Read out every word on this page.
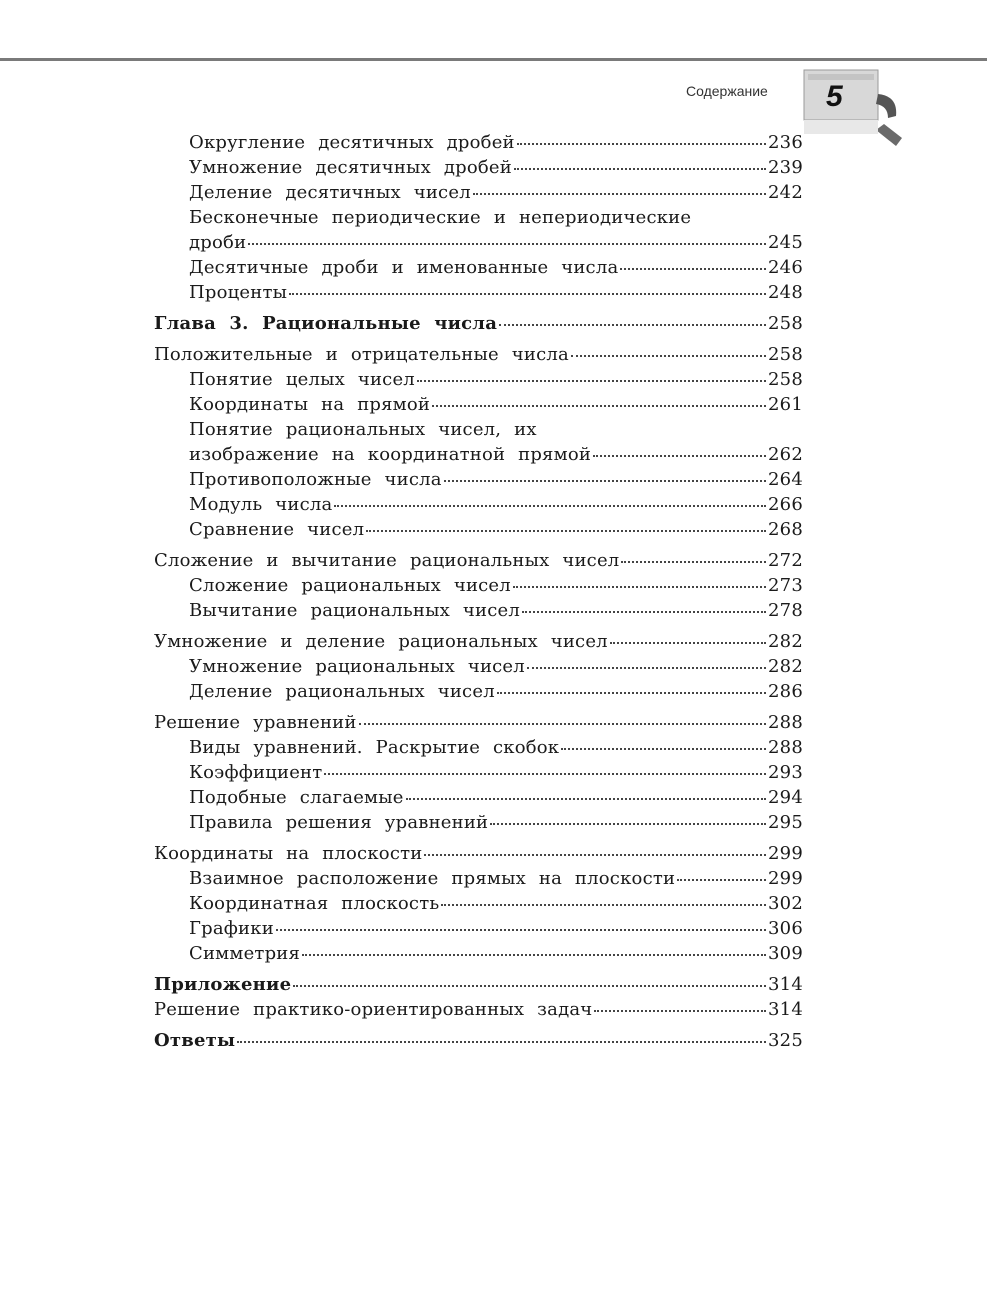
Содержание 5
Округление десятичных дробей	236
Умножение десятичных дробей	239
Деление десятичных чисел	242
Бесконечные периодические и непериодические
дроби	245
Десятичные дроби и именованные числа	246
Проценты	248
Глава 3. Рациональные числа	258
Положительные и отрицательные числа	258
Понятие целых чисел	258
Координаты на прямой	261
Понятие рациональных чисел, их
изображение на координатной прямой	262
Противоположные числа	264
Модуль числа	266
Сравнение чисел	268
Сложение и вычитание рациональных чисел	272
Сложение рациональных чисел	273
Вычитание рациональных чисел	278
Умножение и деление рациональных чисел	282
Умножение рациональных чисел	282
Деление рациональных чисел	286
Решение уравнений	288
Виды уравнений. Раскрытие скобок	288
Коэффициент	293
Подобные слагаемые	294
Правила решения уравнений	295
Координаты на плоскости	299
Взаимное расположение прямых на плоскости	299
Координатная плоскость	302
Графики	306
Симметрия	309
Приложение	314
Решение практико-ориентированных задач	314
Ответы	325
